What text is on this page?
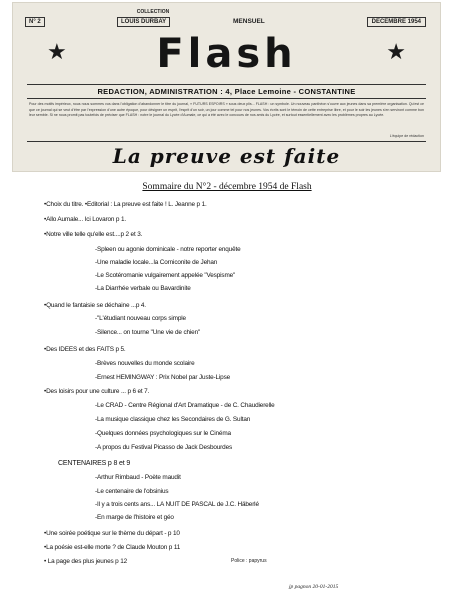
N° 2
COLLECTION
LOUIS DURBAY	MENSUEL	DECEMBRE 1954
★	Flash	★
REDACTION, ADMINISTRATION : 4, Place Lemoine - CONSTANTINE
Pour des motifs impérieux, nous nous sommes vus dans l'obligation d'abandonner le titre du journal, « FUTURS ESPOIRS » sous deux plis... FLASH : un symbole. Un nouveau panthéon s'ouvre aux jeunes dans sa première organisation. Qu'est ce que ce journal qui se veut d'être par l'expression d'une autre époque, pour désigner un esprit, l'esprit d'un soir, un jour comme tel pour nos jeunes. Vos écrits sont le témoin de cette entreprise libre, et pour le soir les jeunes s'en serviront comme bon leur semble. Si ne nous promit pas toutefois de préciser que FLASH : notre le journal du Lycée d'Aumale, ce qui a été avec le concours de nos amis du Lycée, et surtout essentiellement avec les problèmes propres au Lycée.
L'équipe de rédaction
La preuve est faite
Sommaire du N°2 - décembre 1954 de Flash
•Choix du titre. •Editorial : La preuve est faite ! L. Jeanne p 1.
•Allo Aumale... Ici Lovaron p 1.
•Notre ville telle qu'elle est....p 2 et 3.
-Spleen ou agonie dominicale - notre reporter enquête
-Une maladie locale...la Corniconite de Jehan
-Le Scotéromanie vulgairement appelée "Vespisme"
-La Diarrhée verbale ou Bavardinite
•Quand le fantaisie se déchaine ...p 4.
-"L'étudiant nouveau corps simple
-Silence... on tourne "Une vie de chien"
•Des IDEES et des FAITS p 5.
-Brèves nouvelles du monde scolaire
-Ernest HEMINGWAY : Prix Nobel par Juste-Lipse
•Des loisirs pour une culture ... p 6 et 7.
-Le CRAD - Centre Régional d'Art Dramatique - de C. Chaudierelle
-La musique classique chez les Secondaires de G. Sultan
-Quelques données psychologiques sur le Cinéma
-A propos du Festival Picasso de Jack Desbourdes
CENTENAIRES p 8 et 9
-Arthur Rimbaud - Poète maudit
-Le centenaire de l'obsinius
-Il y a trois cents ans... LA NUIT DE PASCAL de J.C. Häberlé
-En marge de l'histoire et géo
•Une soirée poétique sur le thème du départ - p 10
•La poésie est-elle morte ? de Claude Mouton p 11
• La page des plus jeunes p 12	Police : papyrus
jp pagnon 20-01-2015
